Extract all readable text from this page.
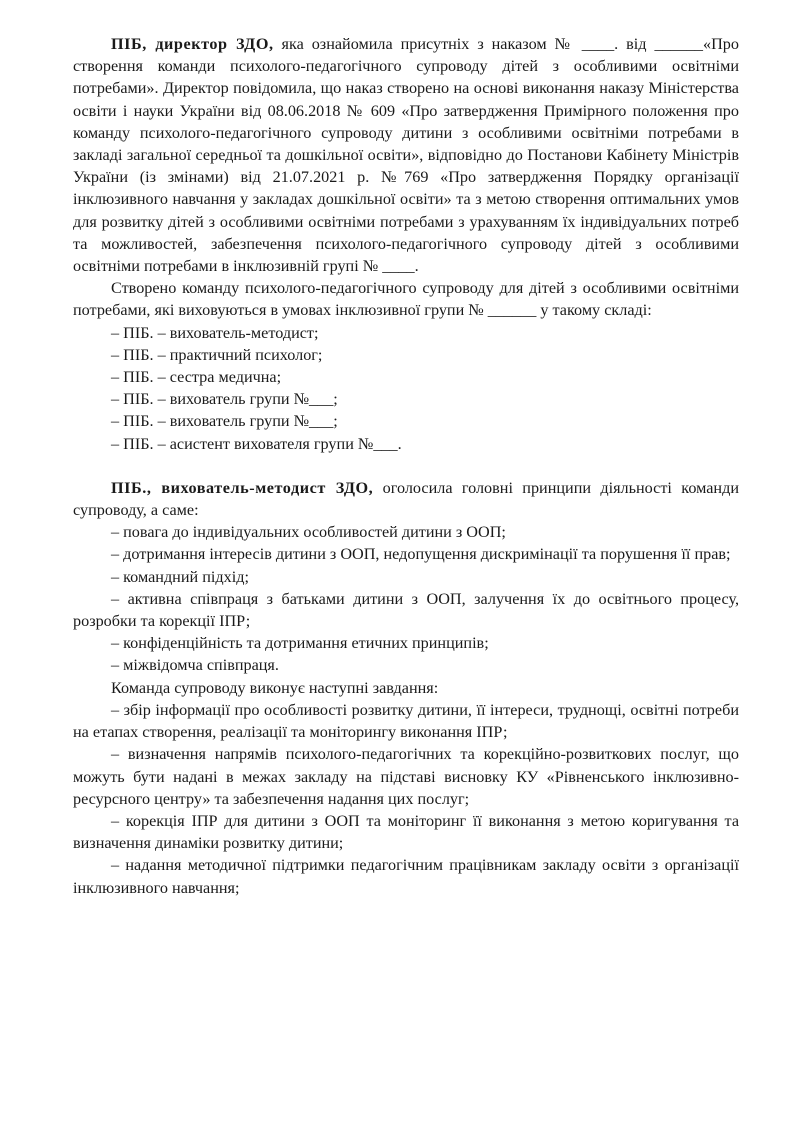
ПІБ, директор ЗДО, яка ознайомила присутніх з наказом № ____. від ______«Про створення команди психолого-педагогічного супроводу дітей з особливими освітніми потребами». Директор повідомила, що наказ створено на основі виконання наказу Міністерства освіти і науки України від 08.06.2018 № 609 «Про затвердження Примірного положення про команду психолого-педагогічного супроводу дитини з особливими освітніми потребами в закладі загальної середньої та дошкільної освіти», відповідно до Постанови Кабінету Міністрів України (із змінами) від 21.07.2021 р. №769 «Про затвердження Порядку організації інклюзивного навчання у закладах дошкільної освіти» та з метою створення оптимальних умов для розвитку дітей з особливими освітніми потребами з урахуванням їх індивідуальних потреб та можливостей, забезпечення психолого-педагогічного супроводу дітей з особливими освітніми потребами в інклюзивній групі № ____.

Створено команду психолого-педагогічного супроводу для дітей з особливими освітніми потребами, які виховуються в умовах інклюзивної групи № ______ у такому складі:

– ПІБ. – вихователь-методист;

– ПІБ. – практичний психолог;

– ПІБ. – сестра медична;

– ПІБ. – вихователь групи №___;

– ПІБ. – вихователь групи №___;

– ПІБ. – асистент вихователя групи №___.

ПІБ., вихователь-методист ЗДО, оголосила головні принципи діяльності команди супроводу, а саме:

– повага до індивідуальних особливостей дитини з ООП;

– дотримання інтересів дитини з ООП, недопущення дискримінації та порушення її прав;

– командний підхід;

– активна співпраця з батьками дитини з ООП, залучення їх до освітнього процесу, розробки та корекції ІПР;

– конфіденційність та дотримання етичних принципів;

– міжвідомча співпраця.

Команда супроводу виконує наступні завдання:

– збір інформації про особливості розвитку дитини, її інтереси, труднощі, освітні потреби на етапах створення, реалізації та моніторингу виконання ІПР;

– визначення напрямів психолого-педагогічних та корекційно-розвиткових послуг, що можуть бути надані в межах закладу на підставі висновку КУ «Рівненського інклюзивно-ресурсного центру» та забезпечення надання цих послуг;

– корекція ІПР для дитини з ООП та моніторинг її виконання з метою коригування та визначення динаміки розвитку дитини;

– надання методичної підтримки педагогічним працівникам закладу освіти з організації інклюзивного навчання;
